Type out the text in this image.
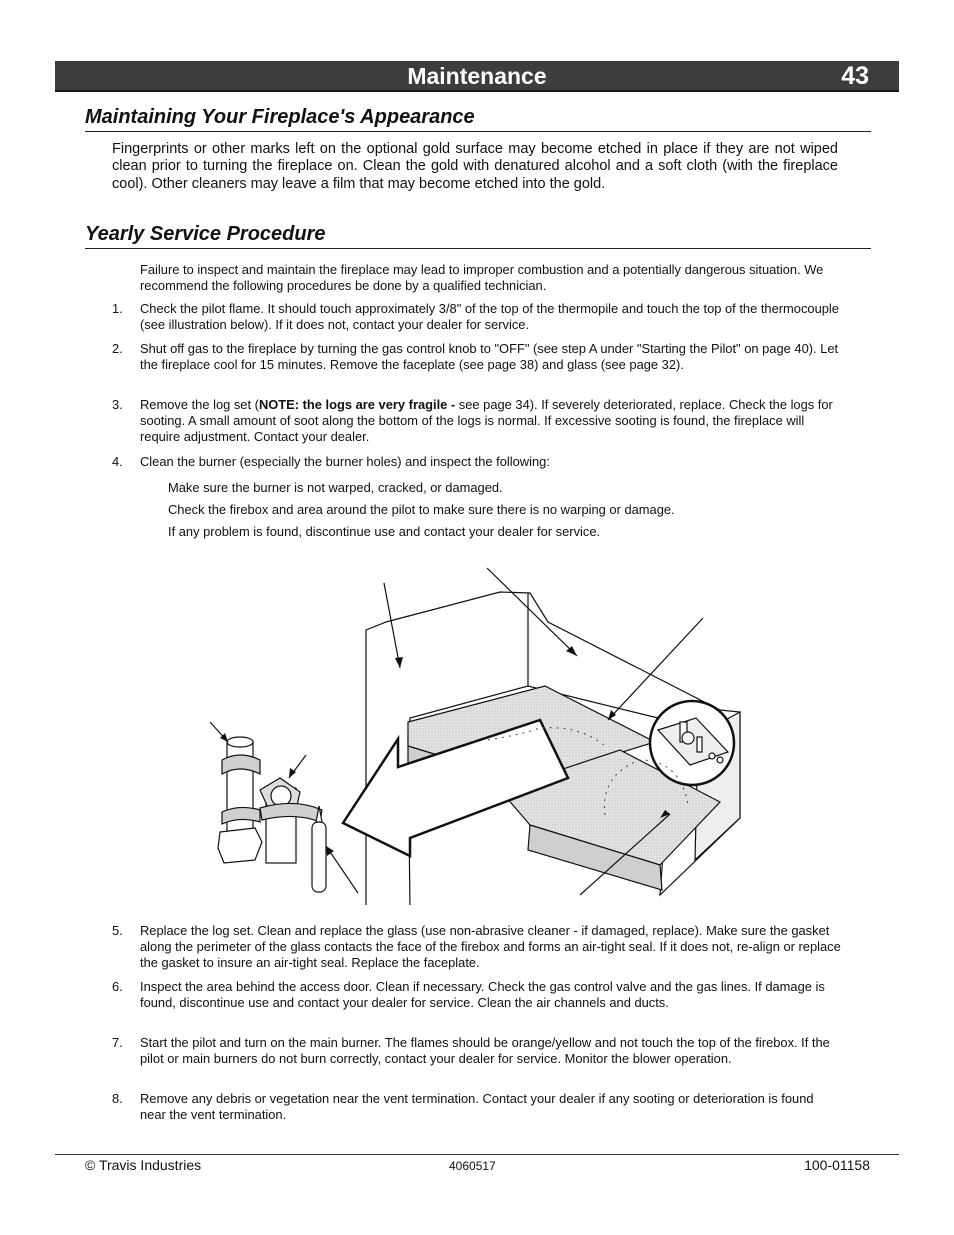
Maintenance	43
Maintaining Your Fireplace's Appearance
Fingerprints or other marks left on the optional gold surface may become etched in place if they are not wiped clean prior to turning the fireplace on. Clean the gold with denatured alcohol and a soft cloth (with the fireplace cool). Other cleaners may leave a film that may become etched into the gold.
Yearly Service Procedure
Failure to inspect and maintain the fireplace may lead to improper combustion and a potentially dangerous situation. We recommend the following procedures be done by a qualified technician.
1.	Check the pilot flame. It should touch approximately 3/8" of the top of the thermopile and touch the top of the thermocouple (see illustration below). If it does not, contact your dealer for service.
2.	Shut off gas to the fireplace by turning the gas control knob to "OFF" (see step A under "Starting the Pilot" on page 40). Let the fireplace cool for 15 minutes. Remove the faceplate (see page 38) and glass (see page 32).
3.	Remove the log set (NOTE: the logs are very fragile - see page 34). If severely deteriorated, replace. Check the logs for sooting. A small amount of soot along the bottom of the logs is normal. If excessive sooting is found, the fireplace will require adjustment. Contact your dealer.
4.	Clean the burner (especially the burner holes) and inspect the following:
Make sure the burner is not warped, cracked, or damaged.
Check the firebox and area around the pilot to make sure there is no warping or damage.
If any problem is found, discontinue use and contact your dealer for service.
5.	Replace the log set. Clean and replace the glass (use non-abrasive cleaner - if damaged, replace). Make sure the gasket along the perimeter of the glass contacts the face of the firebox and forms an air-tight seal. If it does not, re-align or replace the gasket to insure an air-tight seal. Replace the faceplate.
6.	Inspect the area behind the access door. Clean if necessary. Check the gas control valve and the gas lines. If damage is found, discontinue use and contact your dealer for service. Clean the air channels and ducts.
7.	Start the pilot and turn on the main burner. The flames should be orange/yellow and not touch the top of the firebox. If the pilot or main burners do not burn correctly, contact your dealer for service. Monitor the blower operation.
8.	Remove any debris or vegetation near the vent termination. Contact your dealer if any sooting or deterioration is found near the vent termination.
© Travis Industries	4060517	100-01158
